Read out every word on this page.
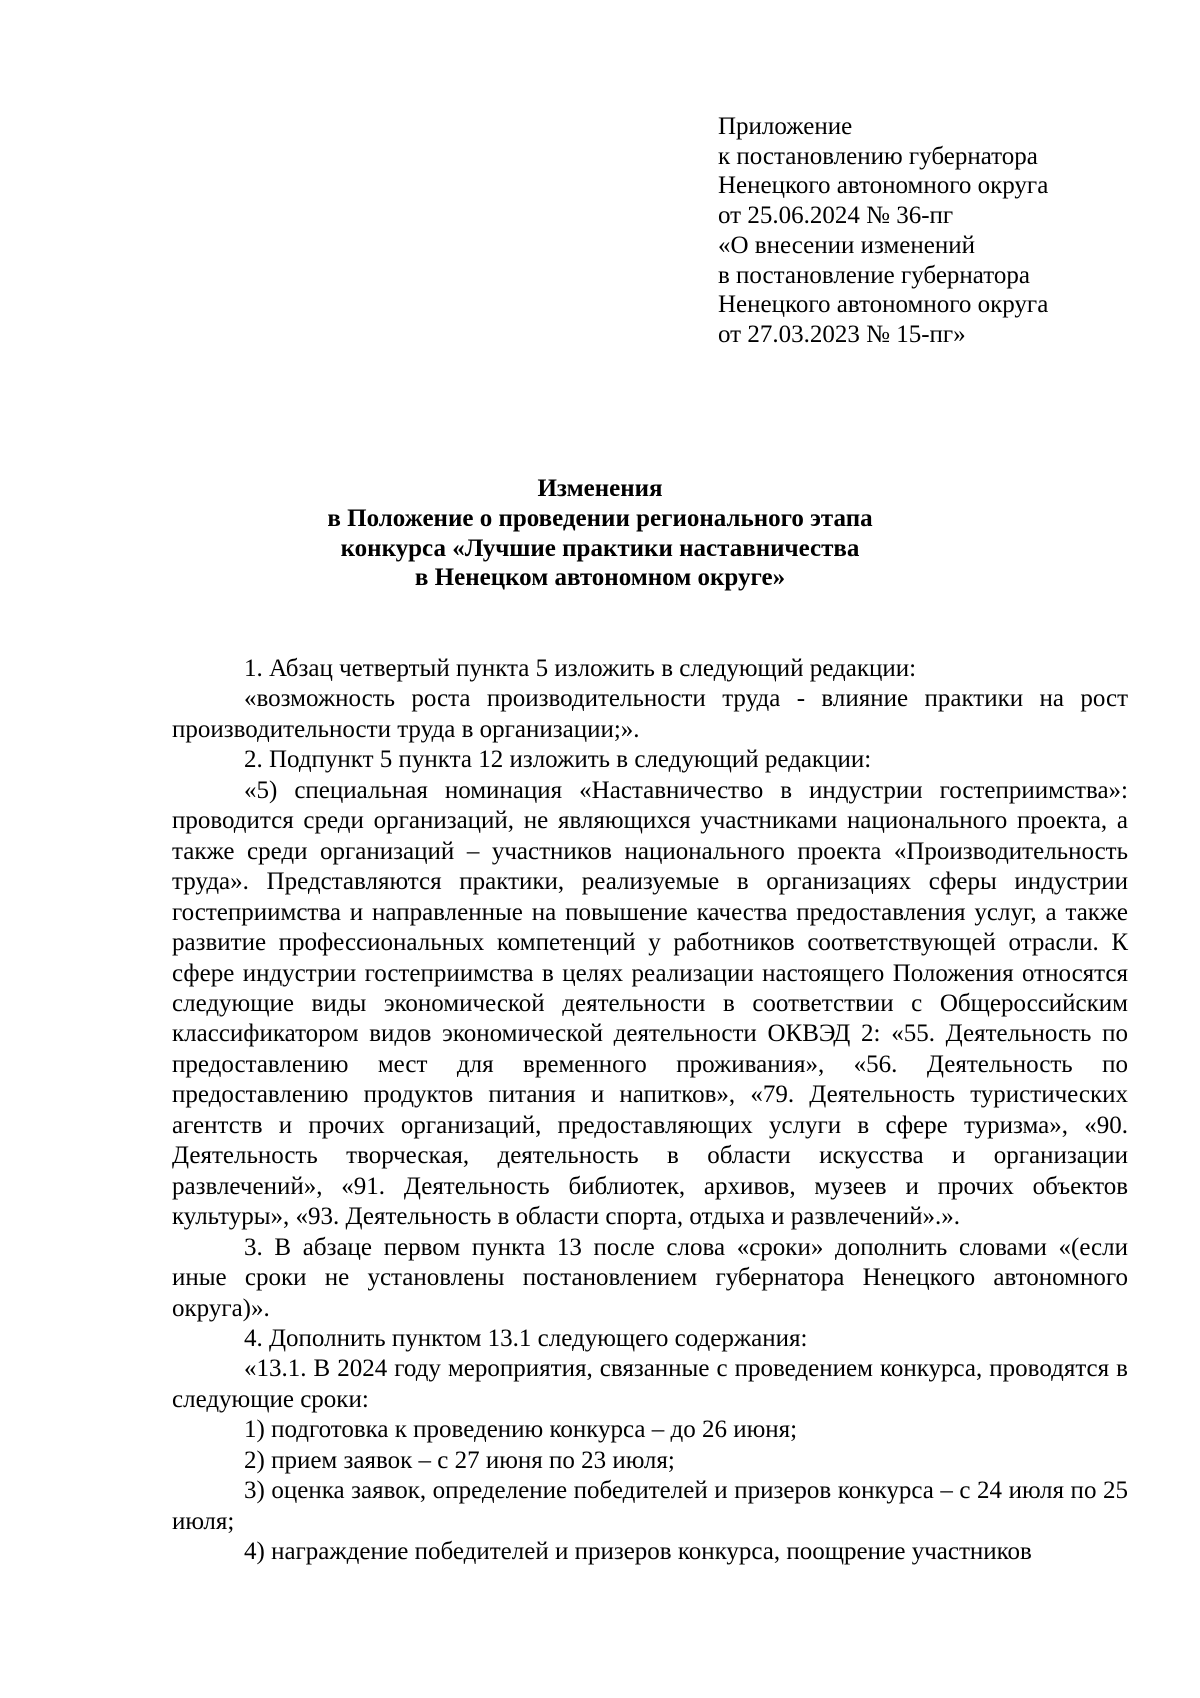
Приложение
к постановлению губернатора
Ненецкого автономного округа
от 25.06.2024 № 36-пг
«О внесении изменений
в постановление губернатора
Ненецкого автономного округа
от 27.03.2023 № 15-пг»
Изменения
в Положение о проведении регионального этапа
конкурса «Лучшие практики наставничества
в Ненецком автономном округе»

1. Абзац четвертый пункта 5 изложить в следующий редакции:

«возможность роста производительности труда - влияние практики на рост производительности труда в организации;».

2. Подпункт 5 пункта 12 изложить в следующий редакции:

«5) специальная номинация «Наставничество в индустрии гостеприимства»: проводится среди организаций, не являющихся участниками национального проекта, а также среди организаций – участников национального проекта «Производительность труда». Представляются практики, реализуемые в организациях сферы индустрии гостеприимства и направленные на повышение качества предоставления услуг, а также развитие профессиональных компетенций у работников соответствующей отрасли. К сфере индустрии гостеприимства в целях реализации настоящего Положения относятся следующие виды экономической деятельности в соответствии с Общероссийским классификатором видов экономической деятельности ОКВЭД 2: «55. Деятельность по предоставлению мест для временного проживания», «56. Деятельность по предоставлению продуктов питания и напитков», «79. Деятельность туристических агентств и прочих организаций, предоставляющих услуги в сфере туризма», «90. Деятельность творческая, деятельность в области искусства и организации развлечений», «91. Деятельность библиотек, архивов, музеев и прочих объектов культуры», «93. Деятельность в области спорта, отдыха и развлечений».».

3. В абзаце первом пункта 13 после слова «сроки» дополнить словами «(если иные сроки не установлены постановлением губернатора Ненецкого автономного округа)».

4. Дополнить пунктом 13.1 следующего содержания:

«13.1. В 2024 году мероприятия, связанные с проведением конкурса, проводятся в следующие сроки:

1) подготовка к проведению конкурса – до 26 июня;

2) прием заявок – с 27 июня по 23 июля;

3) оценка заявок, определение победителей и призеров конкурса – с 24 июля по 25 июля;

4) награждение победителей и призеров конкурса, поощрение участников
